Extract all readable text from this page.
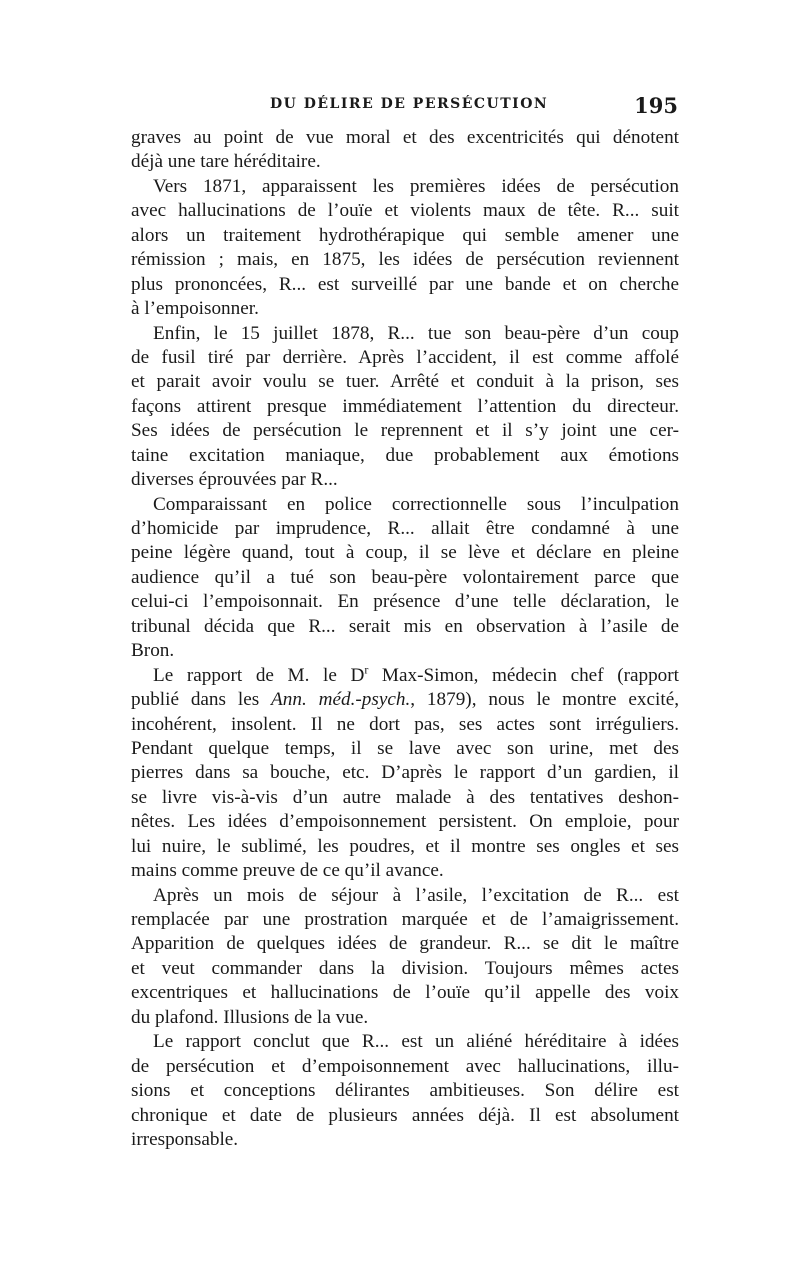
DU DÉLIRE DE PERSÉCUTION	195
graves au point de vue moral et des excentricités qui dénotent
déjà une tare héréditaire.
Vers 1871, apparaissent les premières idées de persécution
avec hallucinations de l’ouïe et violents maux de tête. R... suit
alors un traitement hydrothérapique qui semble amener une
rémission ; mais, en 1875, les idées de persécution reviennent
plus prononcées, R... est surveillé par une bande et on cherche
à l’empoisonner.
Enfin, le 15 juillet 1878, R... tue son beau-père d’un coup
de fusil tiré par derrière. Après l’accident, il est comme affolé
et parait avoir voulu se tuer. Arrêté et conduit à la prison, ses
façons attirent presque immédiatement l’attention du directeur.
Ses idées de persécution le reprennent et il s’y joint une cer-
taine excitation maniaque, due probablement aux émotions
diverses éprouvées par R...
Comparaissant en police correctionnelle sous l’inculpation
d’homicide par imprudence, R... allait être condamné à une
peine légère quand, tout à coup, il se lève et déclare en pleine
audience qu’il a tué son beau-père volontairement parce que
celui-ci l’empoisonnait. En présence d’une telle déclaration, le
tribunal décida que R... serait mis en observation à l’asile de
Bron.
Le rapport de M. le $D^r$ Max-Simon, médecin chef (rapport
publié dans les Ann. méd.-psych., 1879), nous le montre excité,
incohérent, insolent. Il ne dort pas, ses actes sont irréguliers.
Pendant quelque temps, il se lave avec son urine, met des
pierres dans sa bouche, etc. D’après le rapport d’un gardien, il
se livre vis-à-vis d’un autre malade à des tentatives deshon-
nêtes. Les idées d’empoisonnement persistent. On emploie, pour
lui nuire, le sublimé, les poudres, et il montre ses ongles et ses
mains comme preuve de ce qu’il avance.
Après un mois de séjour à l’asile, l’excitation de R... est
remplacée par une prostration marquée et de l’amaigrissement.
Apparition de quelques idées de grandeur. R... se dit le maître
et veut commander dans la division. Toujours mêmes actes
excentriques et hallucinations de l’ouïe qu’il appelle des voix
du plafond. Illusions de la vue.
Le rapport conclut que R... est un aliéné héréditaire à idées
de persécution et d’empoisonnement avec hallucinations, illu-
sions et conceptions délirantes ambitieuses. Son délire est
chronique et date de plusieurs années déjà. Il est absolument
irresponsable.
